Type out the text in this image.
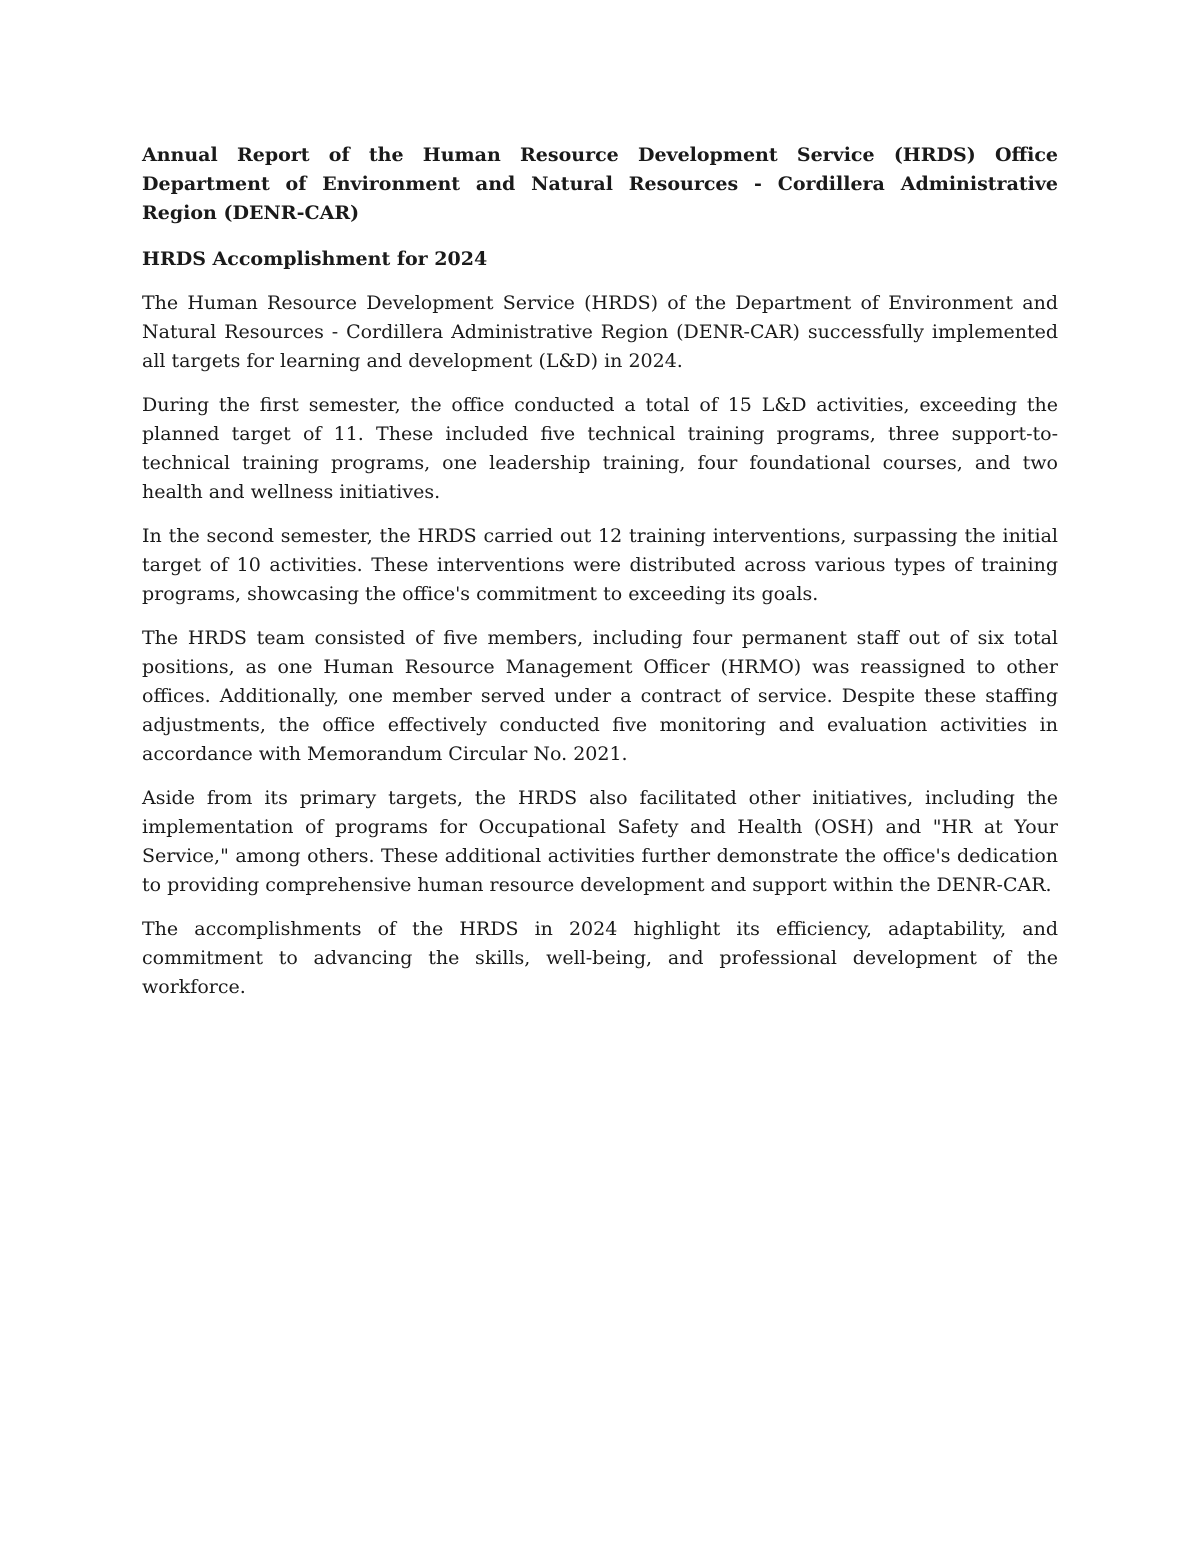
Annual Report of the Human Resource Development Service (HRDS) Office Department of Environment and Natural Resources - Cordillera Administrative Region (DENR-CAR)

HRDS Accomplishment for 2024

The Human Resource Development Service (HRDS) of the Department of Environment and Natural Resources - Cordillera Administrative Region (DENR-CAR) successfully implemented all targets for learning and development (L&D) in 2024.

During the first semester, the office conducted a total of 15 L&D activities, exceeding the planned target of 11. These included five technical training programs, three support-to-technical training programs, one leadership training, four foundational courses, and two health and wellness initiatives.

In the second semester, the HRDS carried out 12 training interventions, surpassing the initial target of 10 activities. These interventions were distributed across various types of training programs, showcasing the office's commitment to exceeding its goals.

The HRDS team consisted of five members, including four permanent staff out of six total positions, as one Human Resource Management Officer (HRMO) was reassigned to other offices. Additionally, one member served under a contract of service. Despite these staffing adjustments, the office effectively conducted five monitoring and evaluation activities in accordance with Memorandum Circular No. 2021.

Aside from its primary targets, the HRDS also facilitated other initiatives, including the implementation of programs for Occupational Safety and Health (OSH) and "HR at Your Service," among others. These additional activities further demonstrate the office's dedication to providing comprehensive human resource development and support within the DENR-CAR.

The accomplishments of the HRDS in 2024 highlight its efficiency, adaptability, and commitment to advancing the skills, well-being, and professional development of the workforce.
